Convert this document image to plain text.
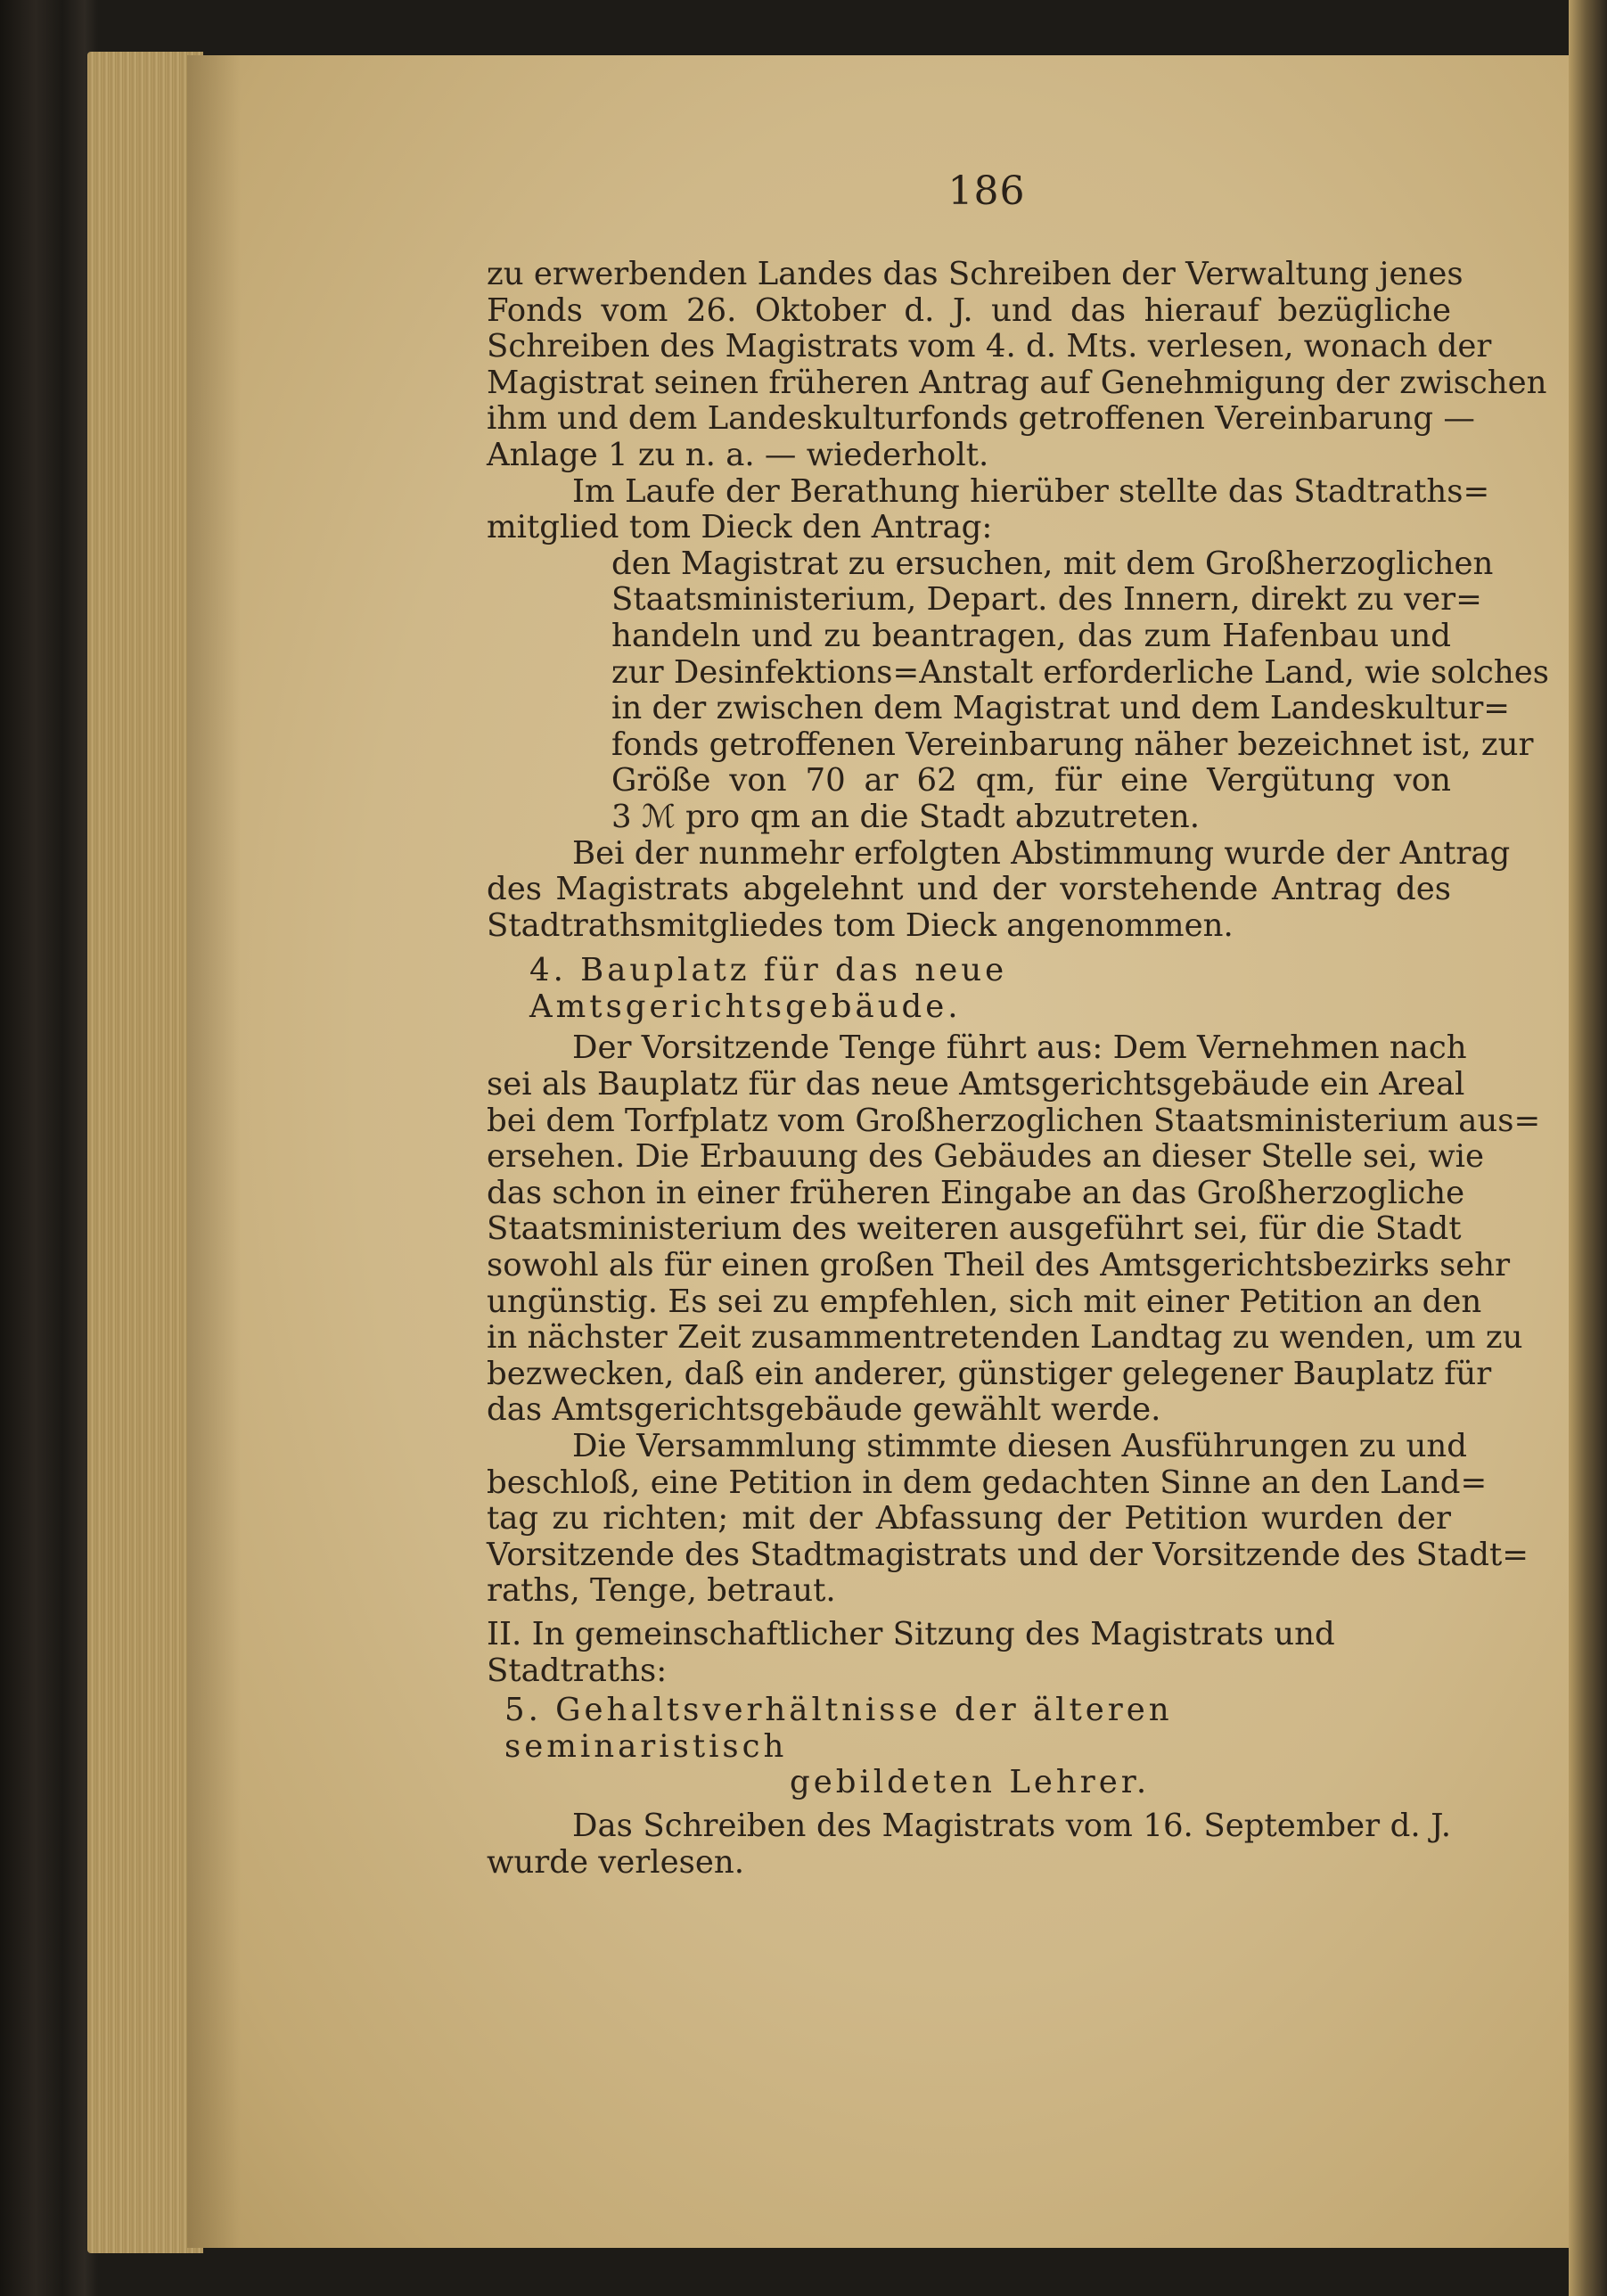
186
zu erwerbenden Landes das Schreiben der Verwaltung jenes
Fonds vom 26. Oktober d. J. und das hierauf bezügliche
Schreiben des Magistrats vom 4. d. Mts. verlesen, wonach der
Magistrat seinen früheren Antrag auf Genehmigung der zwischen
ihm und dem Landeskulturfonds getroffenen Vereinbarung —
Anlage 1 zu n. a. — wiederholt.
Im Laufe der Berathung hierüber stellte das Stadtraths=
mitglied tom Dieck den Antrag:
den Magistrat zu ersuchen, mit dem Großherzoglichen
Staatsministerium, Depart. des Innern, direkt zu ver=
handeln und zu beantragen, das zum Hafenbau und
zur Desinfektions=Anstalt erforderliche Land, wie solches
in der zwischen dem Magistrat und dem Landeskultur=
fonds getroffenen Vereinbarung näher bezeichnet ist, zur
Größe von 70 ar 62 qm, für eine Vergütung von
3 ℳ pro qm an die Stadt abzutreten.
Bei der nunmehr erfolgten Abstimmung wurde der Antrag
des Magistrats abgelehnt und der vorstehende Antrag des
Stadtrathsmitgliedes tom Dieck angenommen.
4. Bauplatz für das neue Amtsgerichtsgebäude.
Der Vorsitzende Tenge führt aus: Dem Vernehmen nach
sei als Bauplatz für das neue Amtsgerichtsgebäude ein Areal
bei dem Torfplatz vom Großherzoglichen Staatsministerium aus=
ersehen. Die Erbauung des Gebäudes an dieser Stelle sei, wie
das schon in einer früheren Eingabe an das Großherzogliche
Staatsministerium des weiteren ausgeführt sei, für die Stadt
sowohl als für einen großen Theil des Amtsgerichtsbezirks sehr
ungünstig. Es sei zu empfehlen, sich mit einer Petition an den
in nächster Zeit zusammentretenden Landtag zu wenden, um zu
bezwecken, daß ein anderer, günstiger gelegener Bauplatz für
das Amtsgerichtsgebäude gewählt werde.
Die Versammlung stimmte diesen Ausführungen zu und
beschloß, eine Petition in dem gedachten Sinne an den Land=
tag zu richten; mit der Abfassung der Petition wurden der
Vorsitzende des Stadtmagistrats und der Vorsitzende des Stadt=
raths, Tenge, betraut.
II. In gemeinschaftlicher Sitzung des Magistrats und Stadtraths:
5. Gehaltsverhältnisse der älteren seminaristisch
gebildeten Lehrer.
Das Schreiben des Magistrats vom 16. September d. J.
wurde verlesen.
